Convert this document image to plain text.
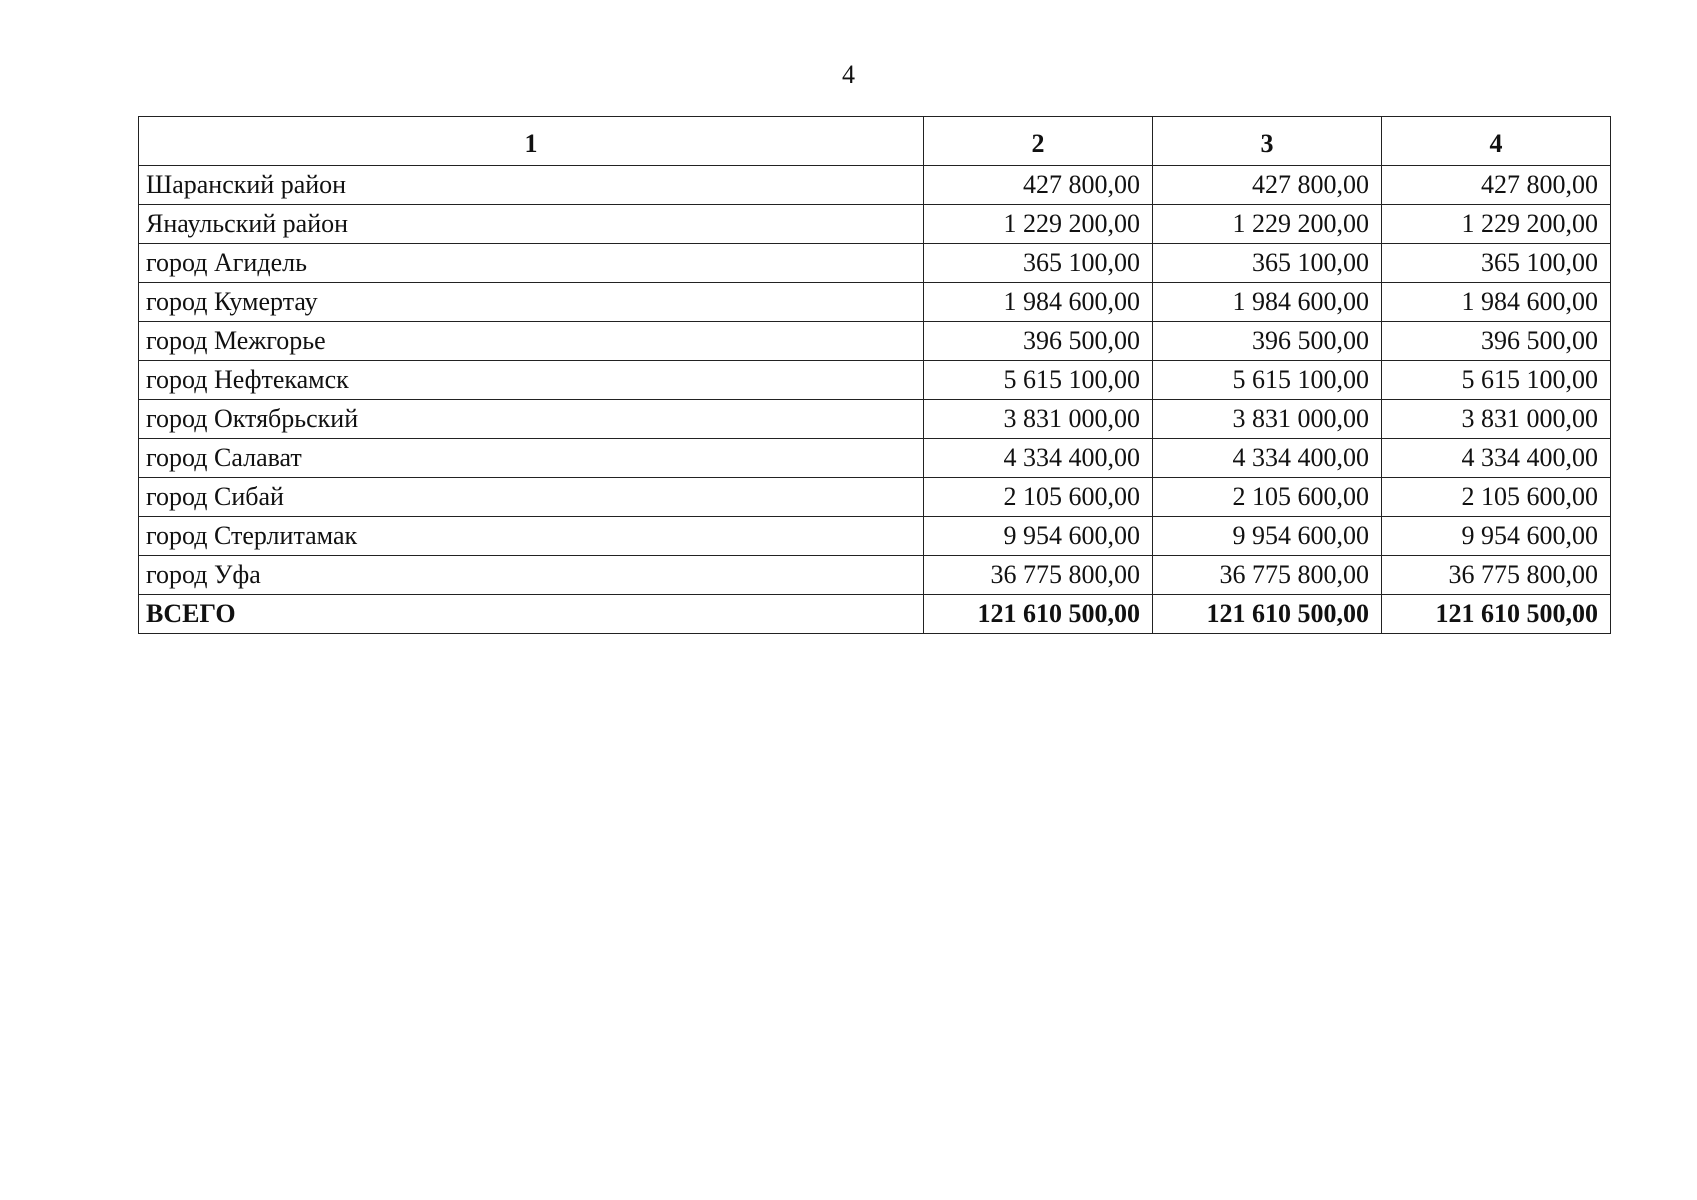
4
1	2	3	4
Шаранский район	427 800,00	427 800,00	427 800,00
Янаульский район	1 229 200,00	1 229 200,00	1 229 200,00
город Агидель	365 100,00	365 100,00	365 100,00
город Кумертау	1 984 600,00	1 984 600,00	1 984 600,00
город Межгорье	396 500,00	396 500,00	396 500,00
город Нефтекамск	5 615 100,00	5 615 100,00	5 615 100,00
город Октябрьский	3 831 000,00	3 831 000,00	3 831 000,00
город Салават	4 334 400,00	4 334 400,00	4 334 400,00
город Сибай	2 105 600,00	2 105 600,00	2 105 600,00
город Стерлитамак	9 954 600,00	9 954 600,00	9 954 600,00
город Уфа	36 775 800,00	36 775 800,00	36 775 800,00
ВСЕГО	121 610 500,00	121 610 500,00	121 610 500,00
